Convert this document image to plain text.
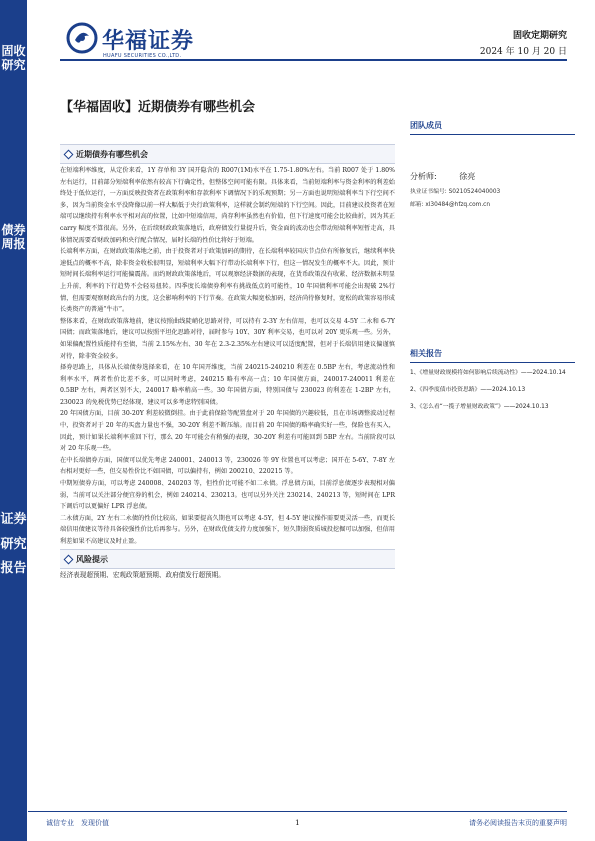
固收研究
债券周报
证券研究报告
华福证券
HUAFU SECURITIES CO.,LTD.
固收定期研究
2024 年 10 月 20 日
【华福固收】近期债券有哪些机会
近期债券有哪些机会

在短端利率维度，从定价来看，1Y 存单和 3Y 国开隐含的 R007(1M)水平在 1.75-1.80%左右。当前 R007 处于 1.80%左右运行，目前部分短端利率依然有较高下行确定性，但整体空间可能有限。具体来看，当前短端利率与资金利率的利差始终处于低位运行，一方面反映投资者在政策利率和存款利率下调情况下的乐观预期；另一方面也说明短端利率当下行空间不多，因为当前资金水平没降像以前一样大幅低于央行政策利率，这样就会制约短端的下行空间。因此，目前建议投资者在短端可以继续持有利率水平相对高的位置，比如中短端信用，尚存利率虽然也有价值，但下行速度可能会比较曲折，因为其正 carry 幅度不算很高。另外，在后续财政政策落地后，政府债发行量提升后，资金面的波动也会带动短端利率短暂走高，具体情况需要看财政加码和央行配合情况，届时长端的性价比将好于短端。

长端利率方面，在财政政策落地之前，由于投资者对于政策加码的期待，在长端利率较国庆节点位有所修复后，继续利率快速低点的概率不高，除非资金收松很明显，短端利率大幅下行带动长端利率下行，但这一情况发生的概率不大。因此，预计短时间长端利率运行可能偏震荡。而约财政政策落地后，可以观察经济数据的表现，在货币政策没有收紧、经济数据未明显上升前，利率的下行趋势不会轻易扭转。四季度长端债券利率有挑战低点的可能性，10 年国债利率可能会出现破 2%行情，但需要观察财政出台的力度，这会影响利率的下行节奏。在政策大幅宽松加码，经济尚待修复时，宽松的政策容易形成长类资产的普通“牛市”。

整体来看，在财政政策落地前，建议按照曲线陡峭化思路对待，可以持有 2-3Y 左右信用，也可以交易 4-5Y 二永和 6-7Y 国债；而政策落地后，建议可以按照平坦化思路对待，届时参与 10Y、30Y 利率交易，也可以对 20Y 更乐观一些。另外，如果偏配置性质能持有至债，当前 2.15%左右、30 年在 2.3-2.35%左右建议可以适度配置，但对于长端信用建议偏谨慎对待，除非资金较多。

择券思路上，具体从长端债券选择来看，在 10 年国开维度，当前 240215-240210 利差在 0.5BP 左右，考虑流动性和利率水平，两者性价比差不多，可以同时考虑，240215 略有率高一点；10 年国债方面，240017-240011 利差在 0.5BP 左右，两者区别不大，240017 略率稍高一些。30 年国债方面，特别国债与 230023 的利差在 1-2BP 左右，230023 的免税优势已经体现，建议可以多考虑特别国债。

20 年国债方面，目前 30-20Y 利差较微倒挂。由于此前保险等配置盘对于 20 年国债的兴趣较低，且在市场调整波动过程中，投资者对于 20 年的买盘力量也不强，30-20Y 利差不断压缩。而目前 20 年国债的略率确实好一些，保险也有买入，因此，预计如果长端利率重回下行，那么 20 年可能会有稍强的表现，30-20Y 利差有可能回到 5BP 左右。当前阶段可以对 20 年乐观一些。

在中长端债券方面，国债可以优先考虑 240001、240013 等，230026 等 9Y 位置也可以考虑；国开在 5-6Y、7-8Y 左右相对更好一些，但交易性价比不如国债，可以偏持有，例如 200210、220215 等。

中期短债券方面，可以考虑 240008、240203 等，但性价比可能不如二永债。浮息债方面，目前浮息债逐步表现相对偏弱，当前可以关注部分便宜券的机会，例如 240214、230213。也可以另外关注 230214、240213 等，短时间在 LPR 下调后可以更偏好 LPR 浮息债。

二永债方面，2Y 左右二永债的性价比较高，如果要提高久期也可以考虑 4-5Y，但 4-5Y 建议操作需要更灵活一些，而更长端信用债建议等待具备较强性价比后再参与。另外，在财政优债支持力度加强下，短久期弱资质城投挖掘可以加强，但信用利差如果不高建议及时止盈。

风险提示

经济表现超预期、宏观政策超预期、政府债发行超预期。

团队成员
分析师:	徐亮
执业证书编号: S0210524040003
邮箱: xl30484@hfzq.com.cn
相关报告
1、《增量财政规模将如何影响后续流动性》——2024.10.14
2、《四季度债市投资思路》——2024.10.13
3、《怎么看“一揽子增量财政政策”》——2024.10.13
诚信专业　发现价值	1	请务必阅读报告末页的重要声明
